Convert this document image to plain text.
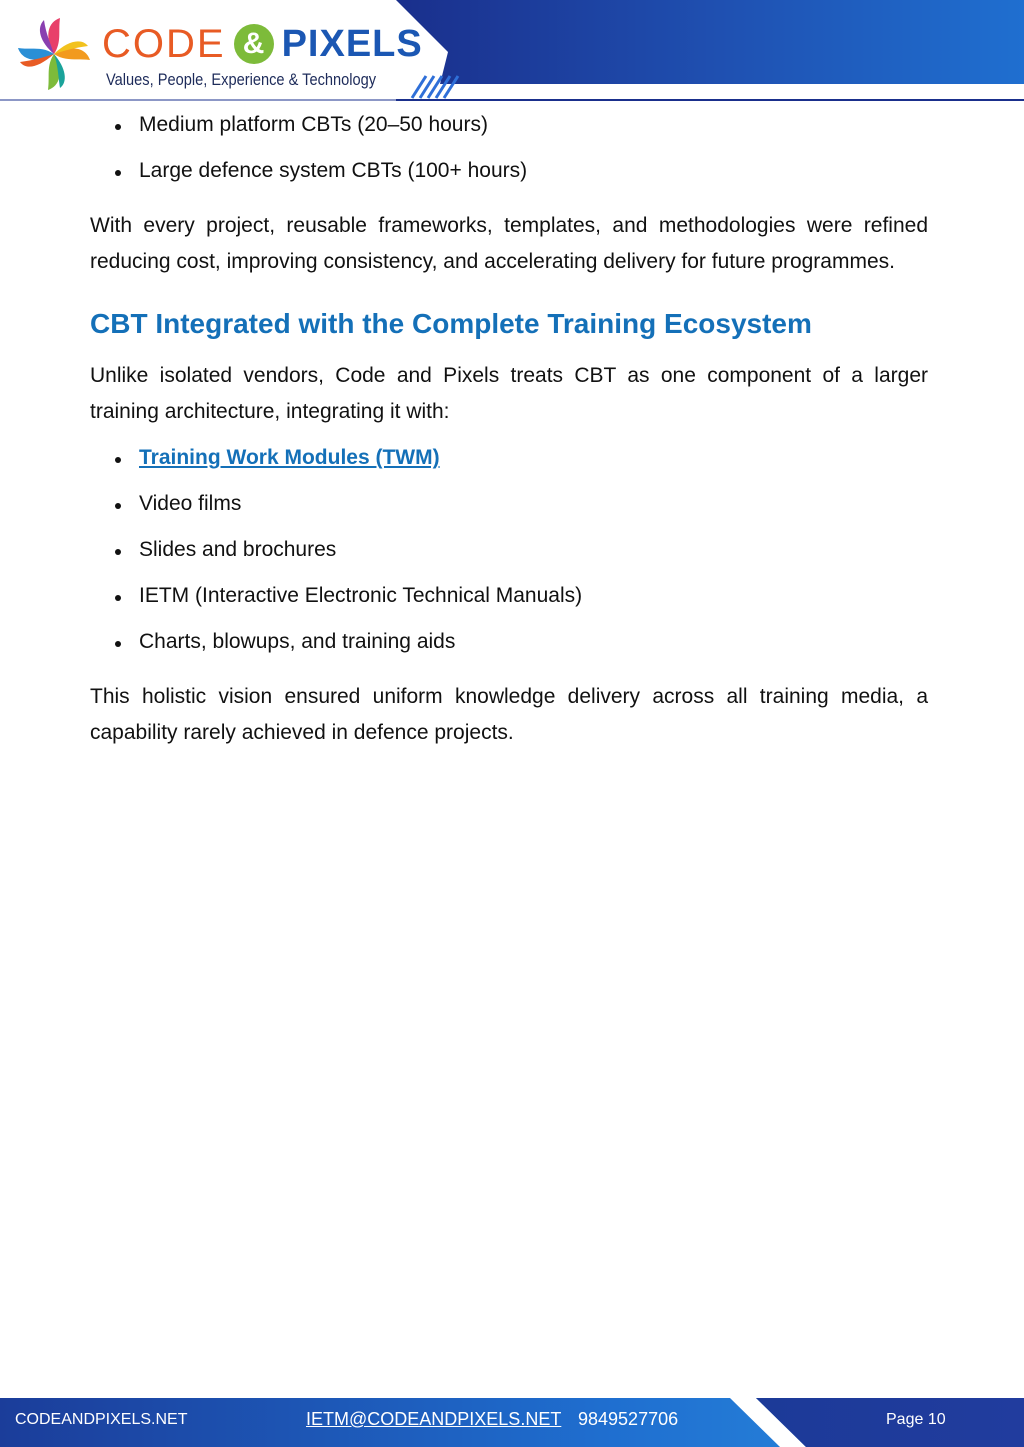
CODE & PIXELS
Values, People, Experience & Technology
Medium platform CBTs (20–50 hours)
Large defence system CBTs (100+ hours)

With every project, reusable frameworks, templates, and methodologies were refined reducing cost, improving consistency, and accelerating delivery for future programmes.

CBT Integrated with the Complete Training Ecosystem

Unlike isolated vendors, Code and Pixels treats CBT as one component of a larger training architecture, integrating it with:

Training Work Modules (TWM)
Video films
Slides and brochures
IETM (Interactive Electronic Technical Manuals)
Charts, blowups, and training aids

This holistic vision ensured uniform knowledge delivery across all training media, a capability rarely achieved in defence projects.

CODEANDPIXELS.NET	IETM@CODEANDPIXELS.NET 9849527706	Page 10
